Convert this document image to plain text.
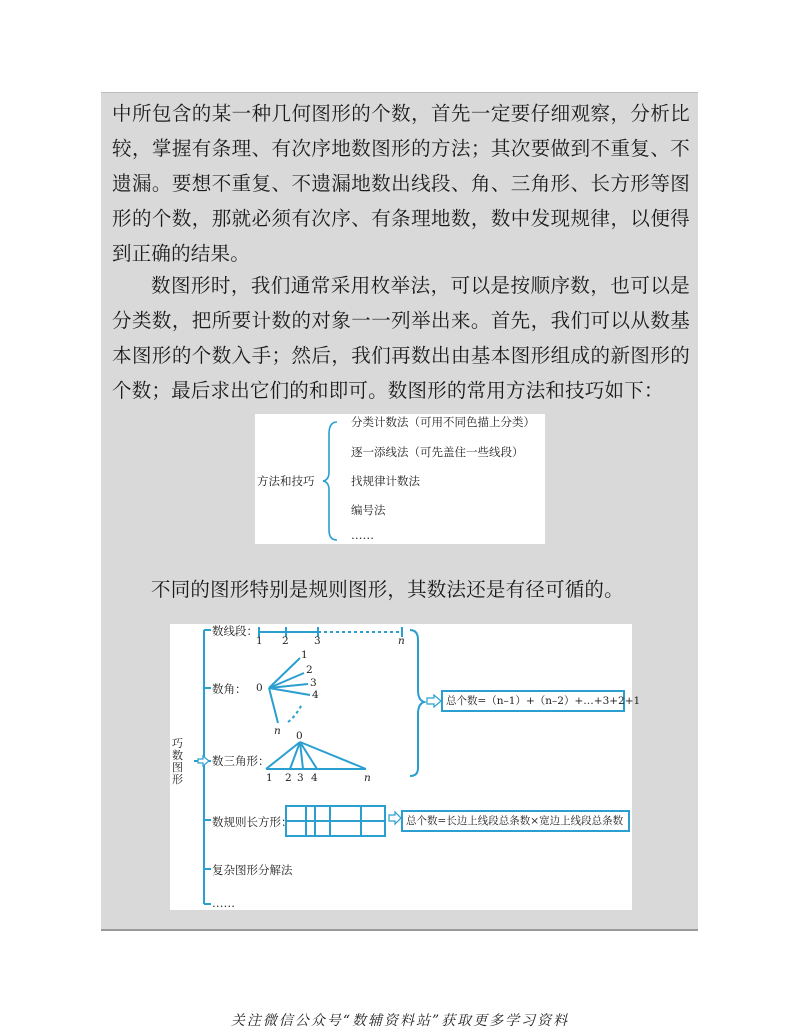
中所包含的某一种几何图形的个数，首先一定要仔细观察，分析比较，掌握有条理、有次序地数图形的方法；其次要做到不重复、不遗漏。要想不重复、不遗漏地数出线段、角、三角形、长方形等图形的个数，那就必须有次序、有条理地数，数中发现规律，以便得到正确的结果。

数图形时，我们通常采用枚举法，可以是按顺序数，也可以是分类数，把所要计数的对象一一列举出来。首先，我们可以从数基本图形的个数入手；然后，我们再数出由基本图形组成的新图形的个数；最后求出它们的和即可。数图形的常用方法和技巧如下：

方法和技巧
分类计数法（可用不同色描上分类）
逐一添线法（可先盖住一些线段）
找规律计数法
编号法
……

不同的图形特别是规则图形，其数法还是有径可循的。

巧数图形
数线段：
1 2 3	n
数角： 0
1
2
3
4
n
数三角形：
0
1 2 3 4	n
总个数=（n–1）+（n–2）+…+3+2+1
数规则长方形：	总个数=长边上线段总条数×宽边上线段总条数
复杂图形分解法
……
关注微信公众号“数辅资料站”获取更多学习资料
